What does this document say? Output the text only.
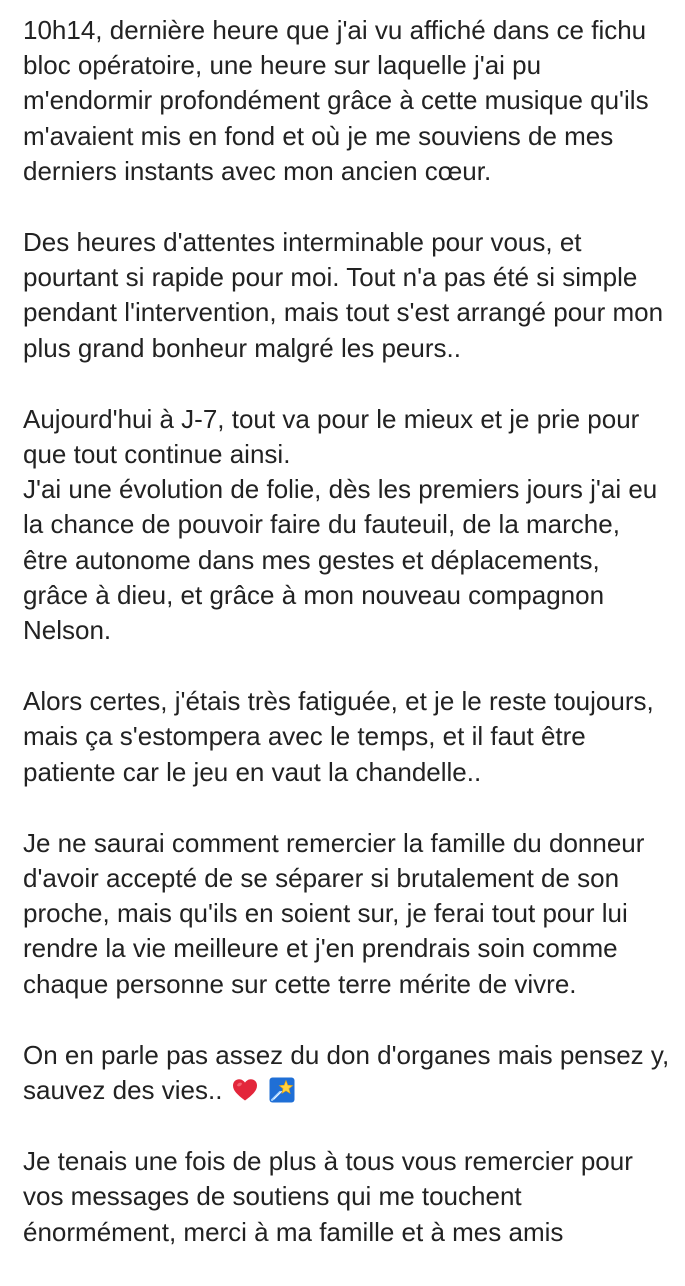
10h14, dernière heure que j'ai vu affiché dans ce fichu
bloc opératoire, une heure sur laquelle j'ai pu
m'endormir profondément grâce à cette musique qu'ils
m'avaient mis en fond et où je me souviens de mes
derniers instants avec mon ancien cœur.
Des heures d'attentes interminable pour vous, et
pourtant si rapide pour moi. Tout n'a pas été si simple
pendant l'intervention, mais tout s'est arrangé pour mon
plus grand bonheur malgré les peurs..
Aujourd'hui à J-7, tout va pour le mieux et je prie pour
que tout continue ainsi.
J'ai une évolution de folie, dès les premiers jours j'ai eu
la chance de pouvoir faire du fauteuil, de la marche,
être autonome dans mes gestes et déplacements,
grâce à dieu, et grâce à mon nouveau compagnon
Nelson.
Alors certes, j'étais très fatiguée, et je le reste toujours,
mais ça s'estompera avec le temps, et il faut être
patiente car le jeu en vaut la chandelle..
Je ne saurai comment remercier la famille du donneur
d'avoir accepté de se séparer si brutalement de son
proche, mais qu'ils en soient sur, je ferai tout pour lui
rendre la vie meilleure et j'en prendrais soin comme
chaque personne sur cette terre mérite de vivre.
On en parle pas assez du don d'organes mais pensez y,
sauvez des vies..
Je tenais une fois de plus à tous vous remercier pour
vos messages de soutiens qui me touchent
énormément, merci à ma famille et à mes amis
